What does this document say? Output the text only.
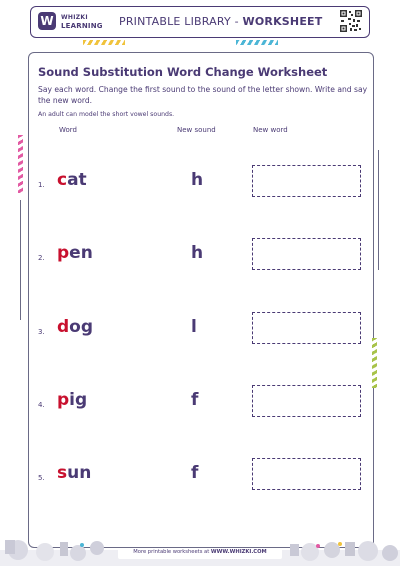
W	WHIZKI
LEARNING PRINTABLE LIBRARY - WORKSHEET
Sound Substitution Word Change Worksheet
Say each word. Change the first sound to the sound of the letter shown. Write and say the new word.
An adult can model the short vowel sounds.
Word	New sound	New word
1. cat	h
2. pen	h
3. dog	l
4. pig	f
5. sun	f
More printable worksheets at WWW.WHIZKI.COM
